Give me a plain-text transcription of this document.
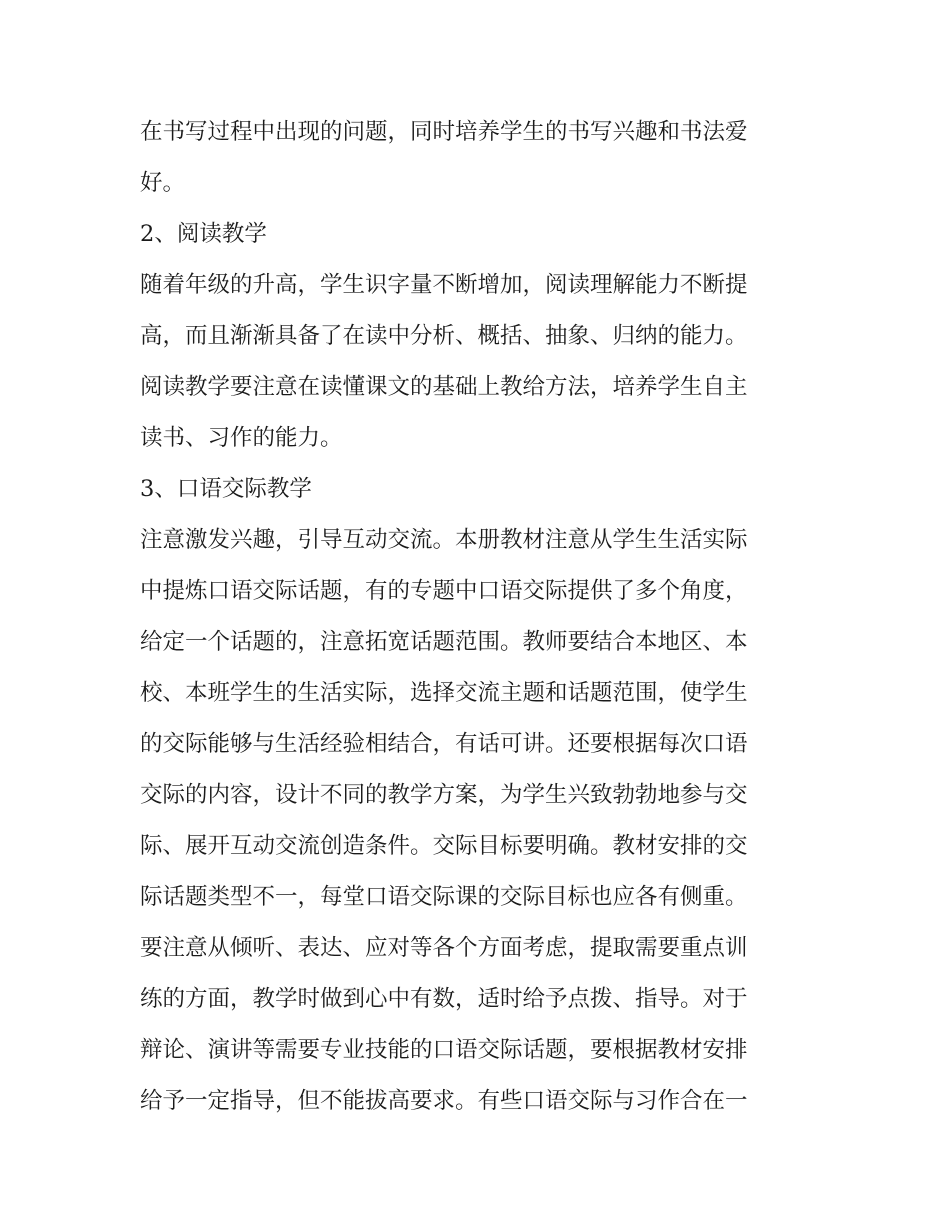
在书写过程中出现的问题，同时培养学生的书写兴趣和书法爱
好。
2、阅读教学
随着年级的升高，学生识字量不断增加，阅读理解能力不断提
高，而且渐渐具备了在读中分析、概括、抽象、归纳的能力。
阅读教学要注意在读懂课文的基础上教给方法，培养学生自主
读书、习作的能力。
3、口语交际教学
注意激发兴趣，引导互动交流。本册教材注意从学生生活实际
中提炼口语交际话题，有的专题中口语交际提供了多个角度，
给定一个话题的，注意拓宽话题范围。教师要结合本地区、本
校、本班学生的生活实际，选择交流主题和话题范围，使学生
的交际能够与生活经验相结合，有话可讲。还要根据每次口语
交际的内容，设计不同的教学方案，为学生兴致勃勃地参与交
际、展开互动交流创造条件。交际目标要明确。教材安排的交
际话题类型不一，每堂口语交际课的交际目标也应各有侧重。
要注意从倾听、表达、应对等各个方面考虑，提取需要重点训
练的方面，教学时做到心中有数，适时给予点拨、指导。对于
辩论、演讲等需要专业技能的口语交际话题，要根据教材安排
给予一定指导，但不能拔高要求。有些口语交际与习作合在一
